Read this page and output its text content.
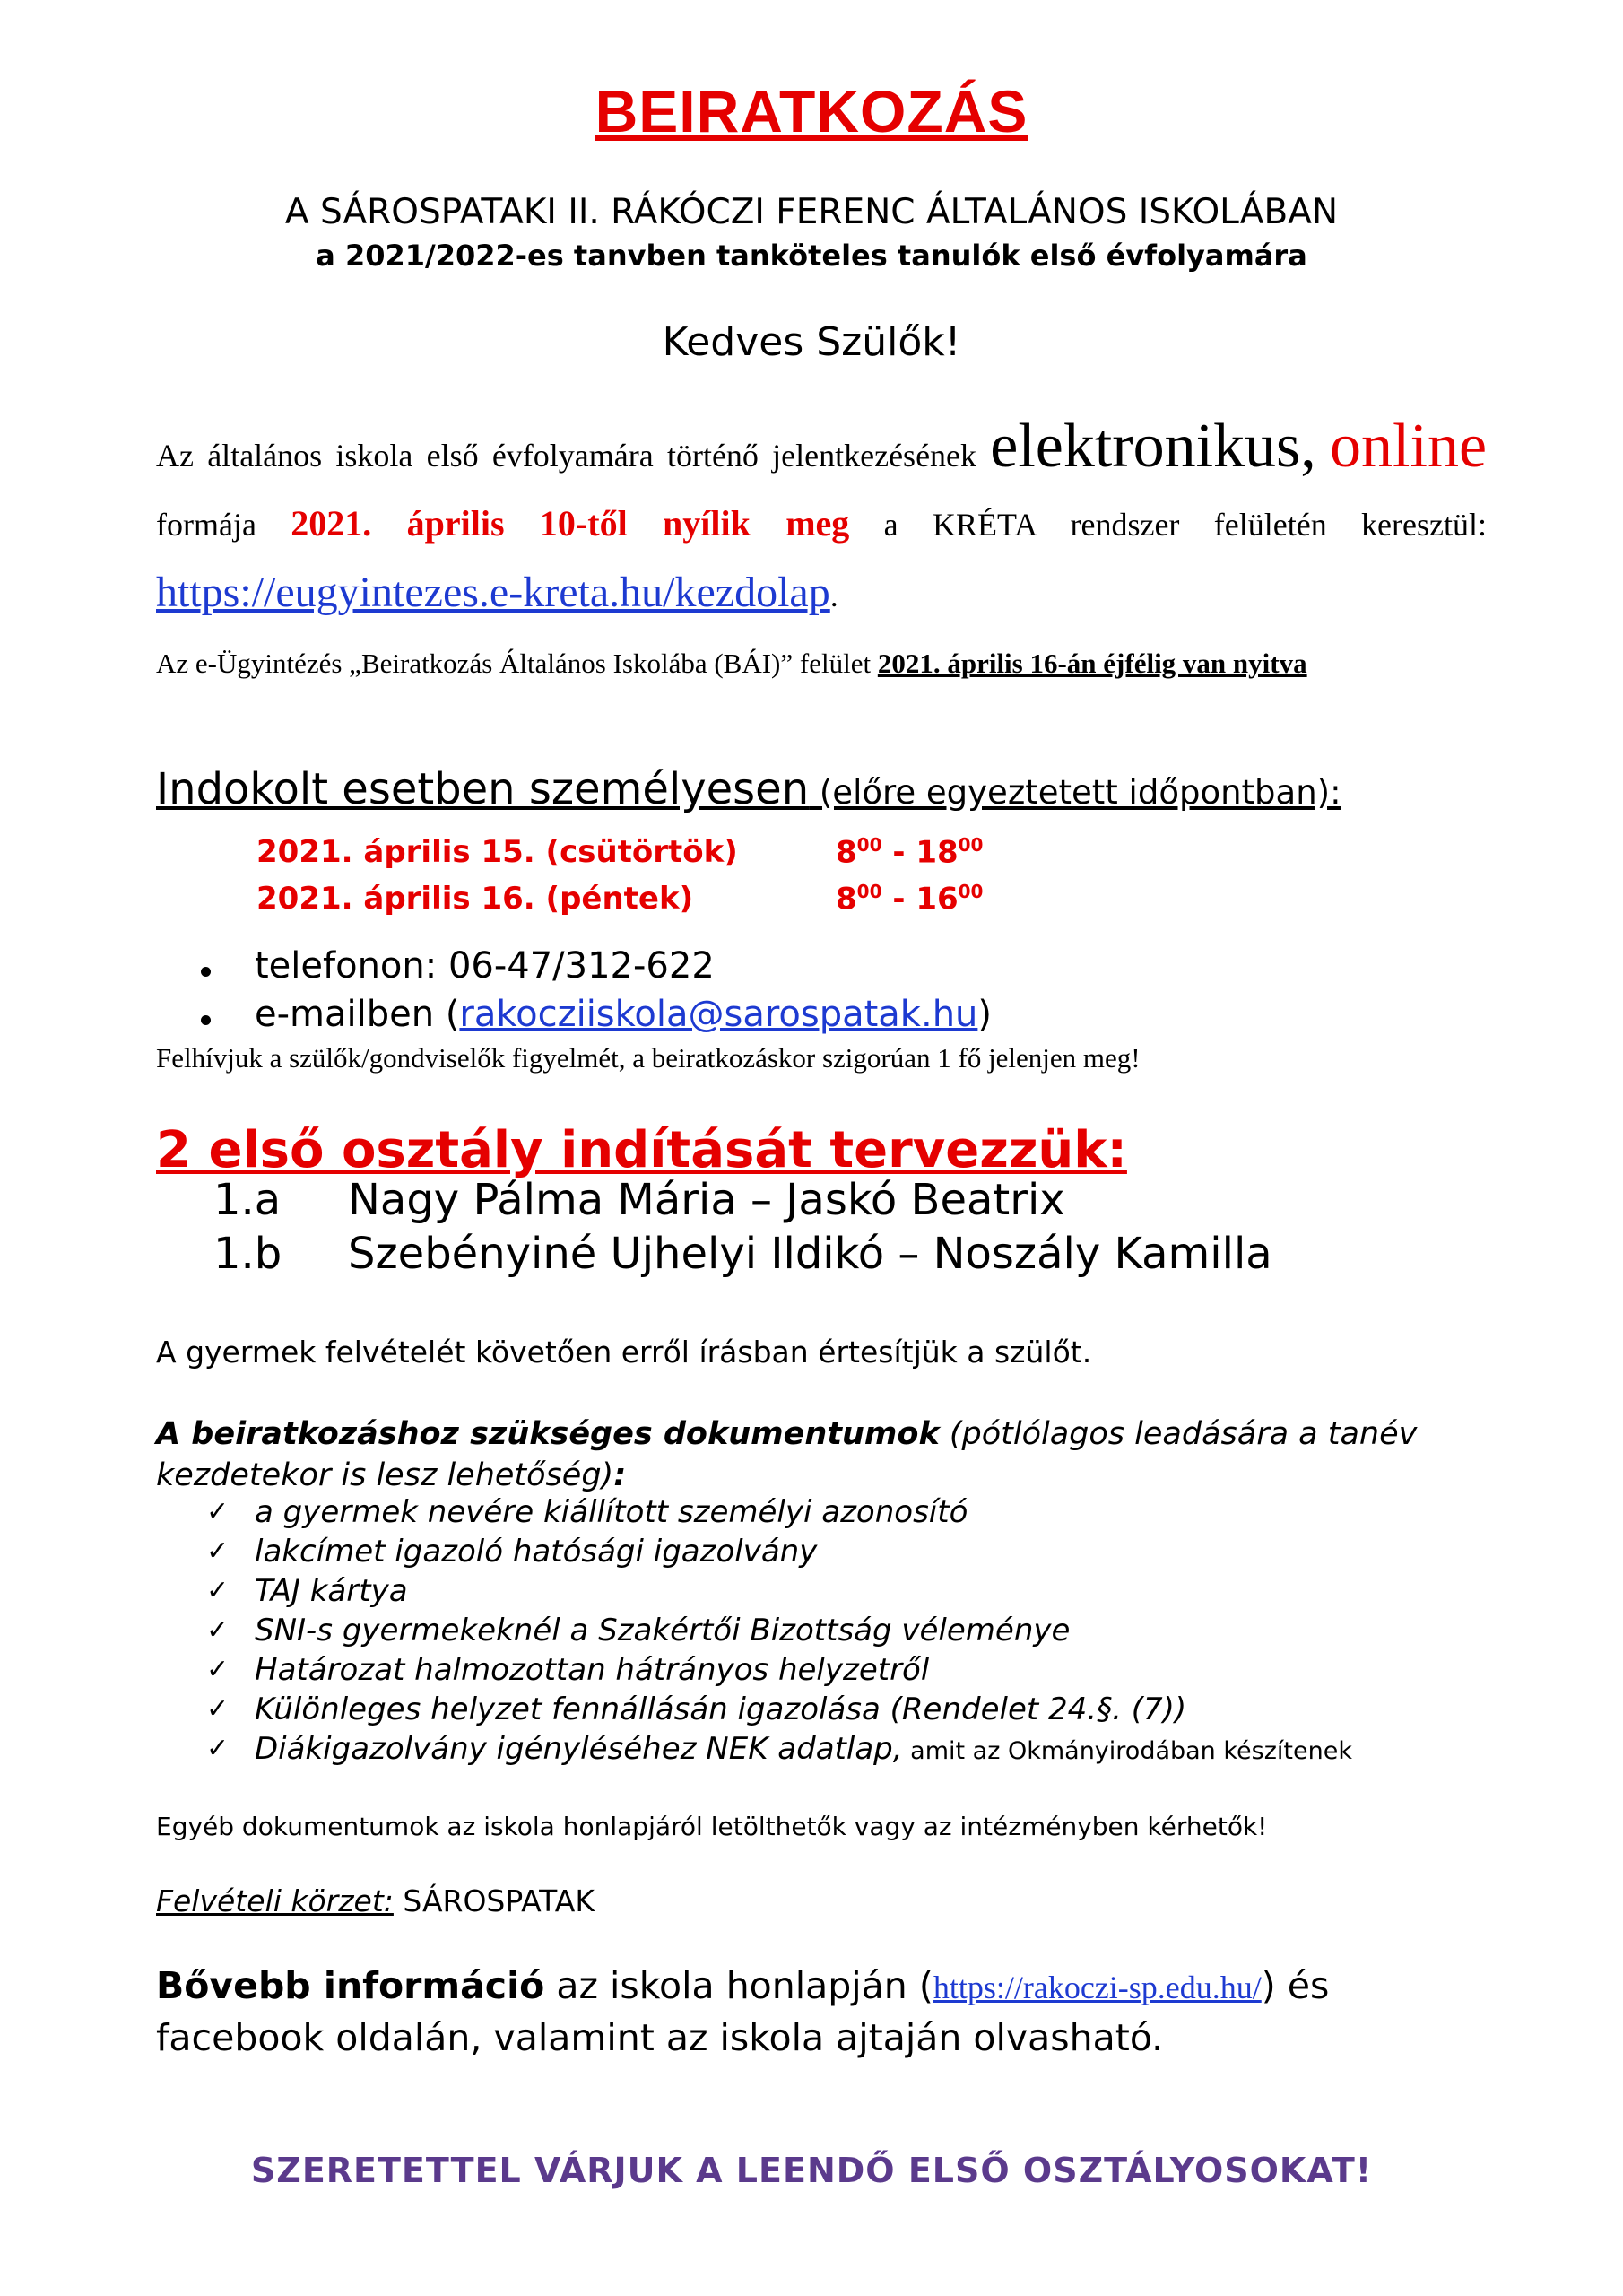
BEIRATKOZÁS
A SÁROSPATAKI II. RÁKÓCZI FERENC ÁLTALÁNOS ISKOLÁBAN
a 2021/2022-es tanvben tanköteles tanulók első évfolyamára
Kedves Szülők!
Az általános iskola első évfolyamára történő jelentkezésének elektronikus, online formája 2021. április 10-től nyílik meg a KRÉTA rendszer felületén keresztül: https://eugyintezes.e-kreta.hu/kezdolap.
Az e-Ügyintézés „Beiratkozás Általános Iskolába (BÁI)” felület 2021. április 16-án éjfélig van nyitva
Indokolt esetben személyesen (előre egyeztetett időpontban):
2021. április 15. (csütörtök)	$8^{00} - 18^{00}$
2021. április 16. (péntek)	$8^{00} - 16^{00}$
telefonon: 06-47/312-622
e-mailben (rakocziiskola@sarospatak.hu)
Felhívjuk a szülők/gondviselők figyelmét, a beiratkozáskor szigorúan 1 fő jelenjen meg!
2 első osztály indítását tervezzük:
1.a Nagy Pálma Mária – Jaskó Beatrix
1.b Szebényiné Ujhelyi Ildikó – Noszály Kamilla
A gyermek felvételét követően erről írásban értesítjük a szülőt.
A beiratkozáshoz szükséges dokumentumok (pótlólagos leadására a tanév kezdetekor is lesz lehetőség):
✓ a gyermek nevére kiállított személyi azonosító
✓ lakcímet igazoló hatósági igazolvány
✓ TAJ kártya
✓ SNI-s gyermekeknél a Szakértői Bizottság véleménye
✓ Határozat halmozottan hátrányos helyzetről
✓ Különleges helyzet fennállásán igazolása (Rendelet 24.§. (7))
✓ Diákigazolvány igényléséhez NEK adatlap, amit az Okmányirodában készítenek
Egyéb dokumentumok az iskola honlapjáról letölthetők vagy az intézményben kérhetők!
Felvételi körzet: SÁROSPATAK
Bővebb információ az iskola honlapján (https://rakoczi-sp.edu.hu/) és facebook oldalán, valamint az iskola ajtaján olvasható.
SZERETETTEL VÁRJUK A LEENDŐ ELSŐ OSZTÁLYOSOKAT!
